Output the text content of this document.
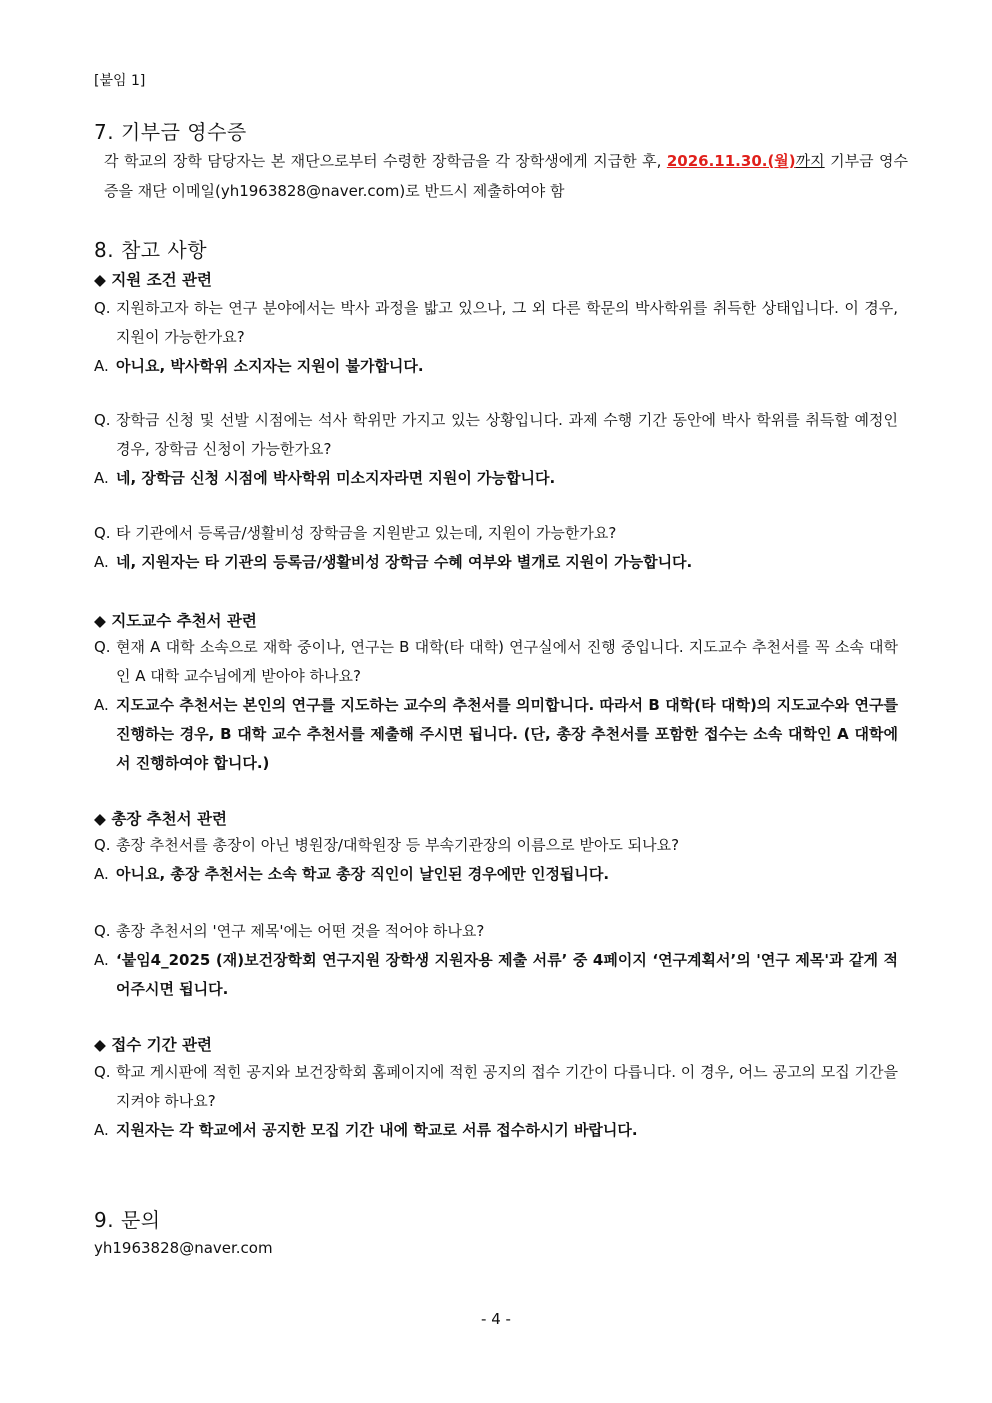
[붙임 1]
7. 기부금 영수증
각 학교의 장학 담당자는 본 재단으로부터 수령한 장학금을 각 장학생에게 지급한 후, 2026.11.30.(월)까지 기부금 영수증을 재단 이메일(yh1963828@naver.com)로 반드시 제출하여야 함
8. 참고 사항
◆ 지원 조건 관련
Q. 지원하고자 하는 연구 분야에서는 박사 과정을 밟고 있으나, 그 외 다른 학문의 박사학위를 취득한 상태입니다. 이 경우, 지원이 가능한가요?
A. 아니요, 박사학위 소지자는 지원이 불가합니다.
Q. 장학금 신청 및 선발 시점에는 석사 학위만 가지고 있는 상황입니다. 과제 수행 기간 동안에 박사 학위를 취득할 예정인 경우, 장학금 신청이 가능한가요?
A. 네, 장학금 신청 시점에 박사학위 미소지자라면 지원이 가능합니다.
Q. 타 기관에서 등록금/생활비성 장학금을 지원받고 있는데, 지원이 가능한가요?
A. 네, 지원자는 타 기관의 등록금/생활비성 장학금 수혜 여부와 별개로 지원이 가능합니다.
◆ 지도교수 추천서 관련
Q. 현재 A 대학 소속으로 재학 중이나, 연구는 B 대학(타 대학) 연구실에서 진행 중입니다. 지도교수 추천서를 꼭 소속 대학인 A 대학 교수님에게 받아야 하나요?
A. 지도교수 추천서는 본인의 연구를 지도하는 교수의 추천서를 의미합니다. 따라서 B 대학(타 대학)의 지도교수와 연구를 진행하는 경우, B 대학 교수 추천서를 제출해 주시면 됩니다. (단, 총장 추천서를 포함한 접수는 소속 대학인 A 대학에서 진행하여야 합니다.)
◆ 총장 추천서 관련
Q. 총장 추천서를 총장이 아닌 병원장/대학원장 등 부속기관장의 이름으로 받아도 되나요?
A. 아니요, 총장 추천서는 소속 학교 총장 직인이 날인된 경우에만 인정됩니다.
Q. 총장 추천서의 '연구 제목'에는 어떤 것을 적어야 하나요?
A. ‘붙임4_2025 (재)보건장학회 연구지원 장학생 지원자용 제출 서류’ 중 4페이지 ‘연구계획서’의 '연구 제목'과 같게 적어주시면 됩니다.
◆ 접수 기간 관련
Q. 학교 게시판에 적힌 공지와 보건장학회 홈페이지에 적힌 공지의 접수 기간이 다릅니다. 이 경우, 어느 공고의 모집 기간을 지켜야 하나요?
A. 지원자는 각 학교에서 공지한 모집 기간 내에 학교로 서류 접수하시기 바랍니다.
9. 문의
yh1963828@naver.com
- 4 -
